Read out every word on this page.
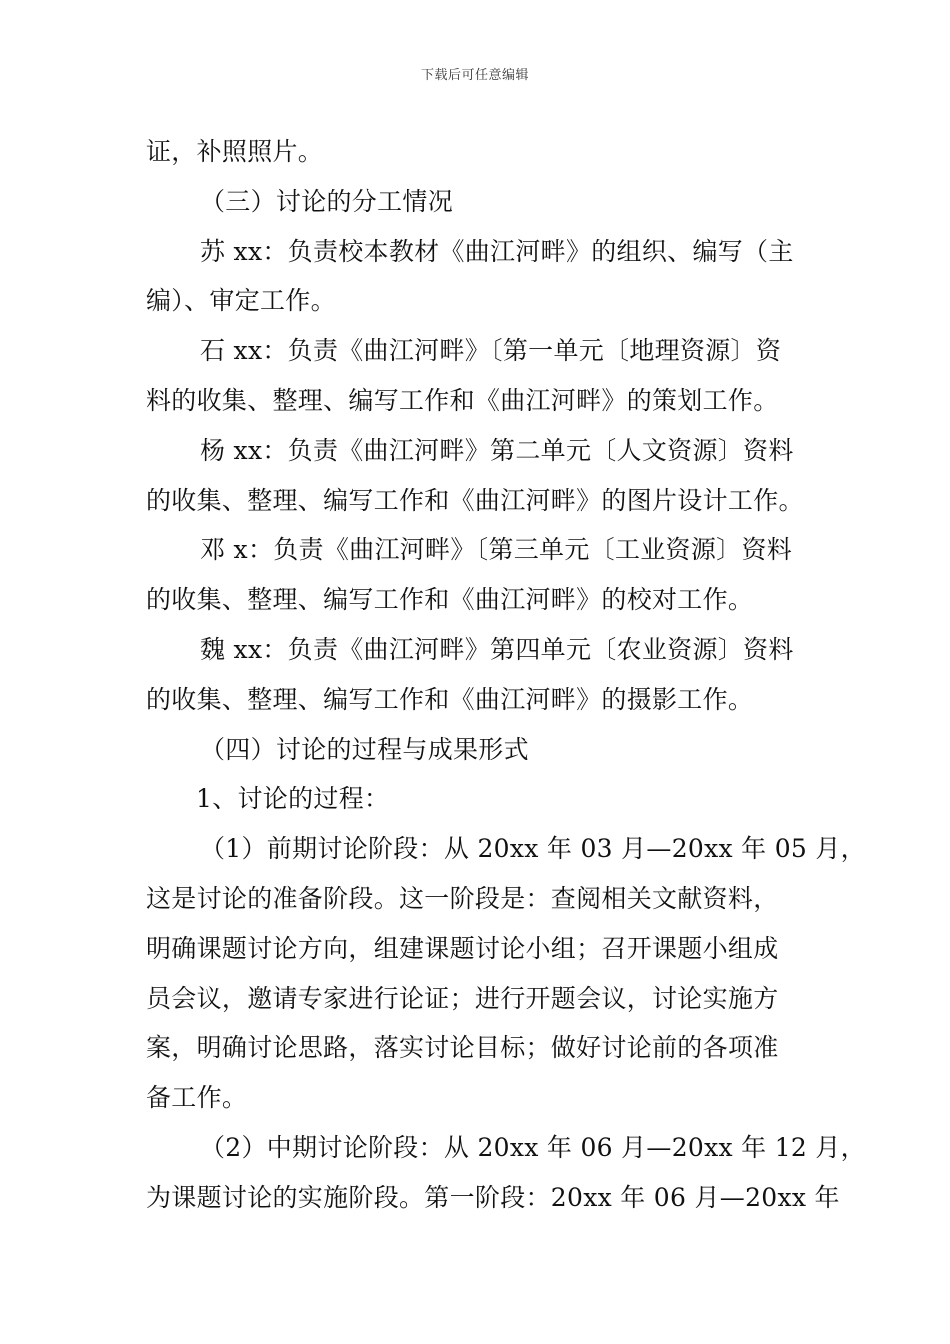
下载后可任意编辑
证，补照照片。
（三）讨论的分工情况
苏 xx：负责校本教材《曲江河畔》的组织、编写（主
编）、审定工作。
石 xx：负责《曲江河畔》〔第一单元〔地理资源〕资
料的收集、整理、编写工作和《曲江河畔》的策划工作。
杨 xx：负责《曲江河畔》第二单元〔人文资源〕资料
的收集、整理、编写工作和《曲江河畔》的图片设计工作。
邓 x：负责《曲江河畔》〔第三单元〔工业资源〕资料
的收集、整理、编写工作和《曲江河畔》的校对工作。
魏 xx：负责《曲江河畔》第四单元〔农业资源〕资料
的收集、整理、编写工作和《曲江河畔》的摄影工作。
（四）讨论的过程与成果形式
1、讨论的过程：
（1）前期讨论阶段：从 20xx 年 03 月—20xx 年 05 月，
这是讨论的准备阶段。这一阶段是：查阅相关文献资料，
明确课题讨论方向，组建课题讨论小组；召开课题小组成
员会议，邀请专家进行论证；进行开题会议，讨论实施方
案，明确讨论思路，落实讨论目标；做好讨论前的各项准
备工作。
（2）中期讨论阶段：从 20xx 年 06 月—20xx 年 12 月，
为课题讨论的实施阶段。第一阶段：20xx 年 06 月—20xx 年
